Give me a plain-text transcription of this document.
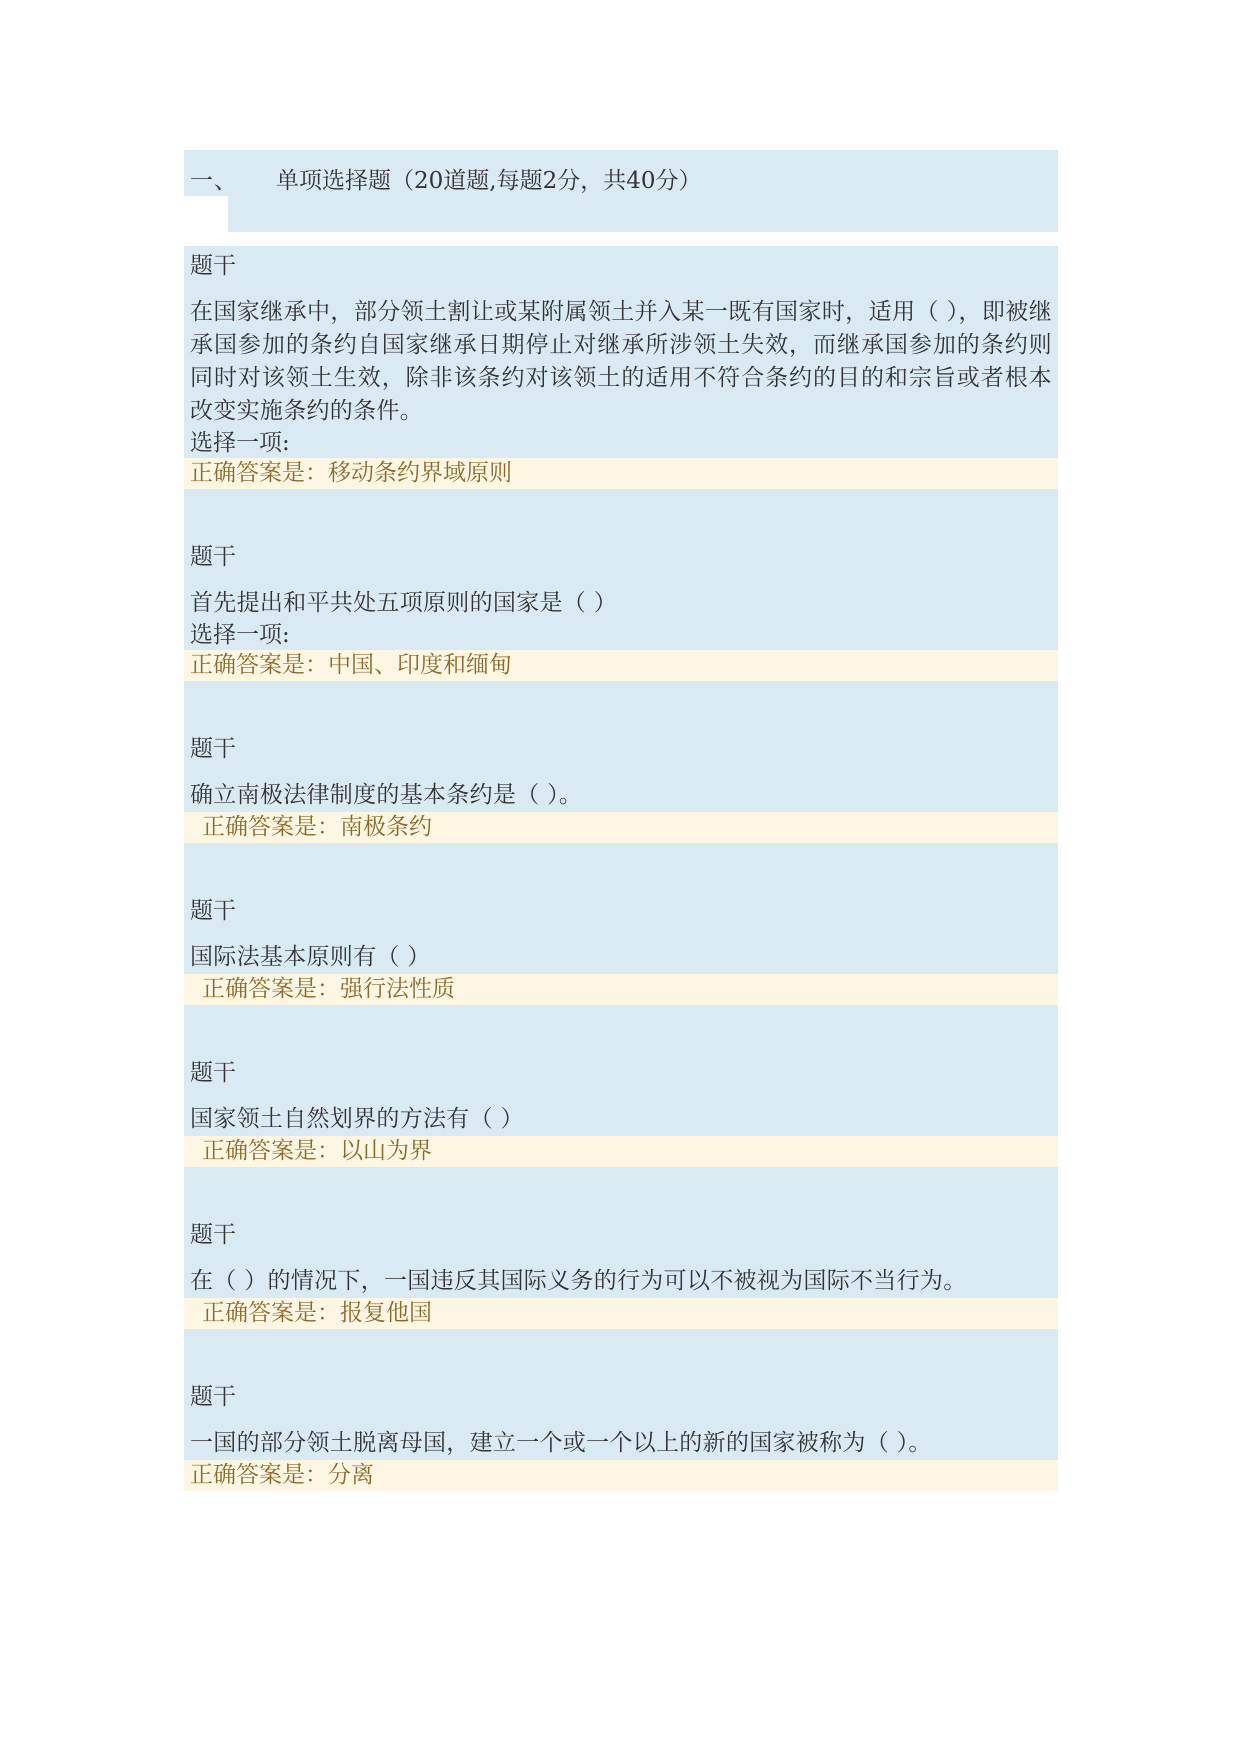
一、 单项选择题（20道题,每题2分，共40分）
题干
在国家继承中，部分领土割让或某附属领土并入某一既有国家时，适用（ ），即被继承国参加的条约自国家继承日期停止对继承所涉领土失效，而继承国参加的条约则同时对该领土生效，除非该条约对该领土的适用不符合条约的目的和宗旨或者根本改变实施条约的条件。
选择一项:
正确答案是：移动条约界域原则
题干
首先提出和平共处五项原则的国家是（ ）
选择一项:
正确答案是：中国、印度和缅甸
题干
确立南极法律制度的基本条约是（ ）。
正确答案是：南极条约
题干
国际法基本原则有（ ）
正确答案是：强行法性质
题干
国家领土自然划界的方法有（ ）
正确答案是：以山为界
题干
在（ ）的情况下，一国违反其国际义务的行为可以不被视为国际不当行为。
正确答案是：报复他国
题干
一国的部分领土脱离母国，建立一个或一个以上的新的国家被称为（ ）。
正确答案是：分离
